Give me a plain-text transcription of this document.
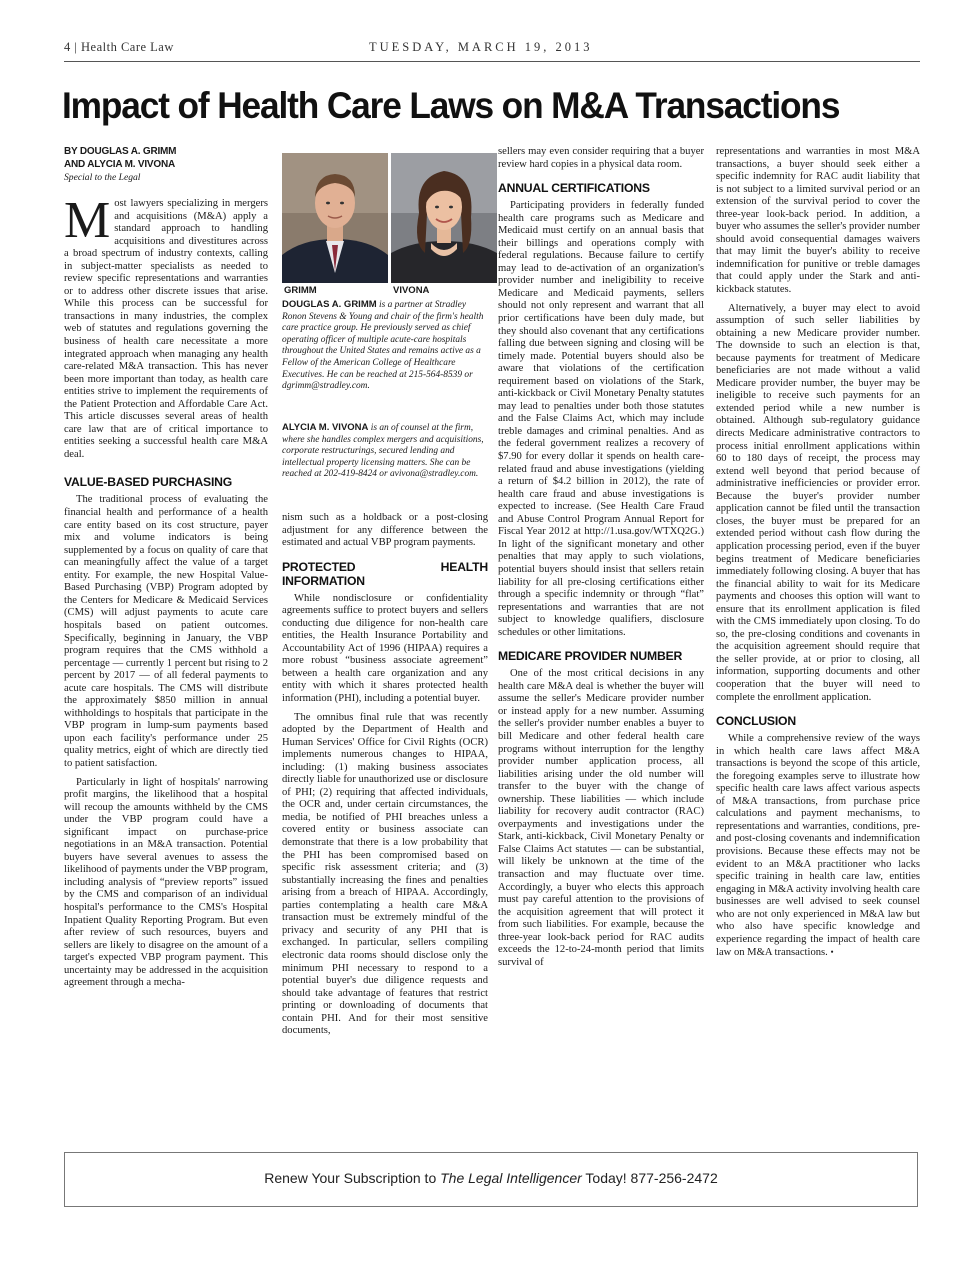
4 | Health Care Law	TUESDAY, MARCH 19, 2013
Impact of Health Care Laws on M&A Transactions
BY DOUGLAS A. GRIMM
AND ALYCIA M. VIVONA
Special to the Legal

Most lawyers specializing in mergers and acquisitions (M&A) apply a standard approach to handling acquisitions and divestitures across a broad spectrum of industry contexts, calling in subject-matter specialists as needed to review specific representations and warranties or to address other discrete issues that arise. While this process can be successful for transactions in many industries, the complex web of statutes and regulations governing the business of health care necessitate a more integrated approach when managing any health care-related M&A transaction. This has never been more important than today, as health care entities strive to implement the requirements of the Patient Protection and Affordable Care Act. This article discusses several areas of health care law that are of critical importance to entities seeking a successful health care M&A deal.

VALUE-BASED PURCHASING

The traditional process of evaluating the financial health and performance of a health care entity based on its cost structure, payer mix and volume indicators is being supplemented by a focus on quality of care that can meaningfully affect the value of a target entity. For example, the new Hospital Value-Based Purchasing (VBP) Program adopted by the Centers for Medicare & Medicaid Services (CMS) will adjust payments to acute care hospitals based on patient outcomes. Specifically, beginning in January, the VBP program requires that the CMS withhold a percentage — currently 1 percent but rising to 2 percent by 2017 — of all federal payments to acute care hospitals. The CMS will distribute the approximately $850 million in annual withholdings to hospitals that participate in the VBP program in lump-sum payments based upon each facility's performance under 25 quality metrics, eight of which are directly tied to patient satisfaction.

Particularly in light of hospitals' narrowing profit margins, the likelihood that a hospital will recoup the amounts withheld by the CMS under the VBP program could have a significant impact on purchase-price negotiations in an M&A transaction. Potential buyers have several avenues to assess the likelihood of payments under the VBP program, including analysis of “preview reports” issued by the CMS and comparison of an individual hospital's performance to the CMS's Hospital Inpatient Quality Reporting Program. But even after review of such resources, buyers and sellers are likely to disagree on the amount of a target's expected VBP program payment. This uncertainty may be addressed in the acquisition agreement through a mecha-

GRIMM	VIVONA
DOUGLAS A. GRIMM is a partner at Stradley Ronon Stevens & Young and chair of the firm's health care practice group. He previously served as chief operating officer of multiple acute-care hospitals throughout the United States and remains active as a Fellow of the American College of Healthcare Executives. He can be reached at 215-564-8539 or dgrimm@stradley.com.
ALYCIA M. VIVONA is an of counsel at the firm, where she handles complex mergers and acquisitions, corporate restructurings, secured lending and intellectual property licensing matters. She can be reached at 202-419-8424 or avivona@stradley.com.

nism such as a holdback or a post-closing adjustment for any difference between the estimated and actual VBP program payments.

PROTECTED HEALTH INFORMATION

While nondisclosure or confidentiality agreements suffice to protect buyers and sellers conducting due diligence for non-health care entities, the Health Insurance Portability and Accountability Act of 1996 (HIPAA) requires a more robust “business associate agreement” between a health care organization and any entity with which it shares protected health information (PHI), including a potential buyer.

The omnibus final rule that was recently adopted by the Department of Health and Human Services' Office for Civil Rights (OCR) implements numerous changes to HIPAA, including: (1) making business associates directly liable for unauthorized use or disclosure of PHI; (2) requiring that affected individuals, the OCR and, under certain circumstances, the media, be notified of PHI breaches unless a covered entity or business associate can demonstrate that there is a low probability that the PHI has been compromised based on specific risk assessment criteria; and (3) substantially increasing the fines and penalties arising from a breach of HIPAA. Accordingly, parties contemplating a health care M&A transaction must be extremely mindful of the privacy and security of any PHI that is exchanged. In particular, sellers compiling electronic data rooms should disclose only the minimum PHI necessary to respond to a potential buyer's due diligence requests and should take advantage of features that restrict printing or downloading of documents that contain PHI. And for their most sensitive documents,

sellers may even consider requiring that a buyer review hard copies in a physical data room.

ANNUAL CERTIFICATIONS

Participating providers in federally funded health care programs such as Medicare and Medicaid must certify on an annual basis that their billings and operations comply with federal regulations. Because failure to certify may lead to de-activation of an organization's provider number and ineligibility to receive Medicare and Medicaid payments, sellers should not only represent and warrant that all prior certifications have been duly made, but they should also covenant that any certifications falling due between signing and closing will be timely made. Potential buyers should also be aware that violations of the certification requirement based on violations of the Stark, anti-kickback or Civil Monetary Penalty statutes may lead to penalties under both those statutes and the False Claims Act, which may include treble damages and criminal penalties. And as the federal government realizes a recovery of $7.90 for every dollar it spends on health care-related fraud and abuse investigations (yielding a return of $4.2 billion in 2012), the rate of health care fraud and abuse investigations is expected to increase. (See Health Care Fraud and Abuse Control Program Annual Report for Fiscal Year 2012 at http://1.usa.gov/WTXQ2G.) In light of the significant monetary and other penalties that may apply to such violations, potential buyers should insist that sellers retain liability for all pre-closing certifications either through a specific indemnity or through “flat” representations and warranties that are not subject to knowledge qualifiers, disclosure schedules or other limitations.

MEDICARE PROVIDER NUMBER

One of the most critical decisions in any health care M&A deal is whether the buyer will assume the seller's Medicare provider number or instead apply for a new number. Assuming the seller's provider number enables a buyer to bill Medicare and other federal health care programs without interruption for the lengthy provider number application process, all liabilities arising under the old number will transfer to the buyer with the change of ownership. These liabilities — which include liability for recovery audit contractor (RAC) overpayments and investigations under the Stark, anti-kickback, Civil Monetary Penalty or False Claims Act statutes — can be substantial, will likely be unknown at the time of the transaction and may fluctuate over time. Accordingly, a buyer who elects this approach must pay careful attention to the provisions of the acquisition agreement that will protect it from such liabilities. For example, because the three-year look-back period for RAC audits exceeds the 12-to-24-month period that limits survival of

representations and warranties in most M&A transactions, a buyer should seek either a specific indemnity for RAC audit liability that is not subject to a limited survival period or an extension of the survival period to cover the three-year look-back period. In addition, a buyer who assumes the seller's provider number should avoid consequential damages waivers that may limit the buyer's ability to receive indemnification for punitive or treble damages that could apply under the Stark and anti-kickback statutes.

Alternatively, a buyer may elect to avoid assumption of such seller liabilities by obtaining a new Medicare provider number. The downside to such an election is that, because payments for treatment of Medicare beneficiaries are not made without a valid Medicare provider number, the buyer may be ineligible to receive such payments for an extended period while a new number is obtained. Although sub-regulatory guidance directs Medicare administrative contractors to process initial enrollment applications within 60 to 180 days of receipt, the process may extend well beyond that period because of administrative inefficiencies or provider error. Because the buyer's provider number application cannot be filed until the transaction closes, the buyer must be prepared for an extended period without cash flow during the application processing period, even if the buyer begins treatment of Medicare beneficiaries immediately following closing. A buyer that has the financial ability to wait for its Medicare payments and chooses this option will want to ensure that its enrollment application is filed with the CMS immediately upon closing. To do so, the pre-closing conditions and covenants in the acquisition agreement should require that the seller provide, at or prior to closing, all information, supporting documents and other cooperation that the buyer will need to complete the enrollment application.

CONCLUSION

While a comprehensive review of the ways in which health care laws affect M&A transactions is beyond the scope of this article, the foregoing examples serve to illustrate how specific health care laws affect various aspects of M&A transactions, from purchase price calculations and payment mechanisms, to representations and warranties, conditions, pre- and post-closing covenants and indemnification provisions. Because these effects may not be evident to an M&A practitioner who lacks specific training in health care law, entities engaging in M&A activity involving health care businesses are well advised to seek counsel who are not only experienced in M&A law but who also have specific knowledge and experience regarding the impact of health care law on M&A transactions. •

Renew Your Subscription to The Legal Intelligencer Today! 877-256-2472
